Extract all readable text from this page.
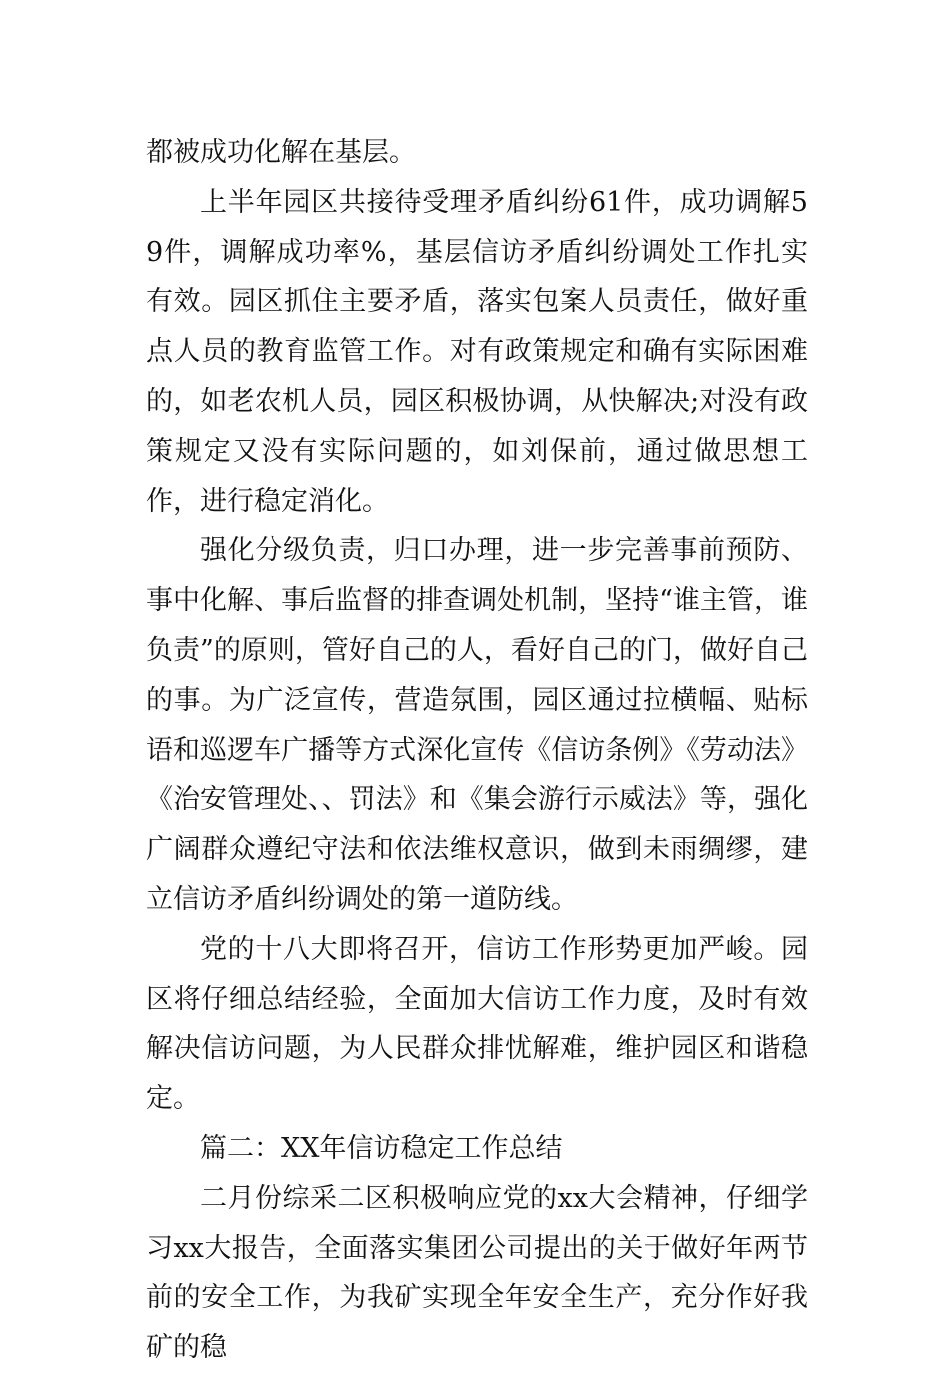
都被成功化解在基层。

上半年园区共接待受理矛盾纠纷61件，成功调解59件，调解成功率%，基层信访矛盾纠纷调处工作扎实有效。园区抓住主要矛盾，落实包案人员责任，做好重点人员的教育监管工作。对有政策规定和确有实际困难的，如老农机人员，园区积极协调，从快解决;对没有政策规定又没有实际问题的，如刘保前，通过做思想工作，进行稳定消化。

强化分级负责，归口办理，进一步完善事前预防、事中化解、事后监督的排查调处机制，坚持“谁主管，谁负责”的原则，管好自己的人，看好自己的门，做好自己的事。为广泛宣传，营造氛围，园区通过拉横幅、贴标语和巡逻车广播等方式深化宣传《信访条例》《劳动法》《治安管理处、、罚法》和《集会游行示威法》等，强化广阔群众遵纪守法和依法维权意识，做到未雨绸缪，建立信访矛盾纠纷调处的第一道防线。

党的十八大即将召开，信访工作形势更加严峻。园区将仔细总结经验，全面加大信访工作力度，及时有效解决信访问题，为人民群众排忧解难，维护园区和谐稳定。

篇二：XX年信访稳定工作总结

二月份综采二区积极响应党的xx大会精神，仔细学习xx大报告，全面落实集团公司提出的关于做好年两节前的安全工作，为我矿实现全年安全生产，充分作好我矿的稳
